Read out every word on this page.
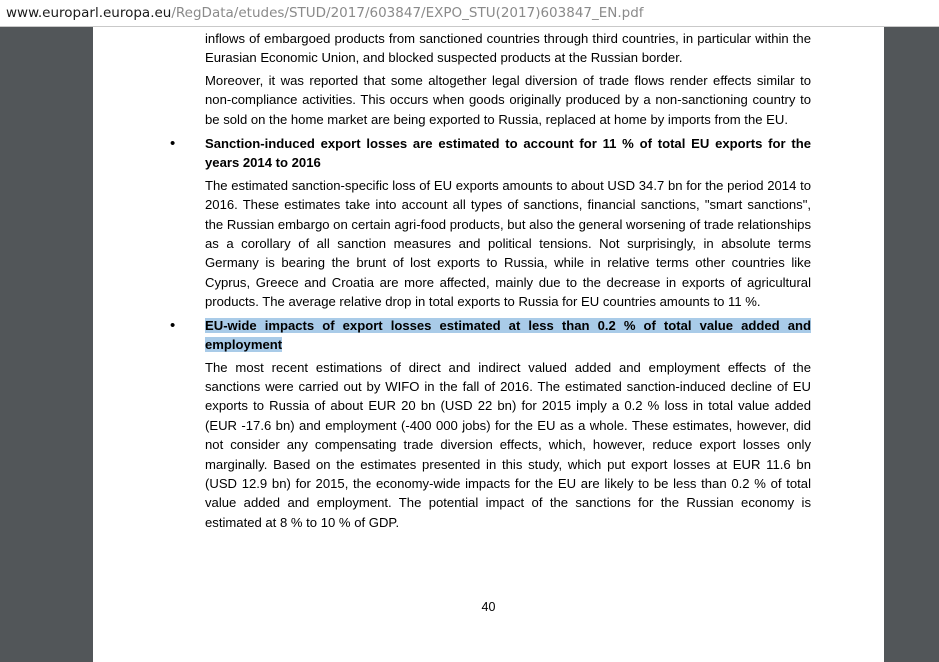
www.europarl.europa.eu/RegData/etudes/STUD/2017/603847/EXPO_STU(2017)603847_EN.pdf

inflows of embargoed products from sanctioned countries through third countries, in particular within the Eurasian Economic Union, and blocked suspected products at the Russian border.

Moreover, it was reported that some altogether legal diversion of trade flows render effects similar to non-compliance activities. This occurs when goods originally produced by a non-sanctioning country to be sold on the home market are being exported to Russia, replaced at home by imports from the EU.

•	Sanction-induced export losses are estimated to account for 11 % of total EU exports for the years 2014 to 2016

The estimated sanction-specific loss of EU exports amounts to about USD 34.7 bn for the period 2014 to 2016. These estimates take into account all types of sanctions, financial sanctions, "smart sanctions", the Russian embargo on certain agri-food products, but also the general worsening of trade relationships as a corollary of all sanction measures and political tensions. Not surprisingly, in absolute terms Germany is bearing the brunt of lost exports to Russia, while in relative terms other countries like Cyprus, Greece and Croatia are more affected, mainly due to the decrease in exports of agricultural products. The average relative drop in total exports to Russia for EU countries amounts to 11 %.

•	EU-wide impacts of export losses estimated at less than 0.2 % of total value added and employment

The most recent estimations of direct and indirect valued added and employment effects of the sanctions were carried out by WIFO in the fall of 2016. The estimated sanction-induced decline of EU exports to Russia of about EUR 20 bn (USD 22 bn) for 2015 imply a 0.2 % loss in total value added (EUR -17.6 bn) and employment (-400 000 jobs) for the EU as a whole. These estimates, however, did not consider any compensating trade diversion effects, which, however, reduce export losses only marginally. Based on the estimates presented in this study, which put export losses at EUR 11.6 bn (USD 12.9 bn) for 2015, the economy-wide impacts for the EU are likely to be less than 0.2 % of total value added and employment. The potential impact of the sanctions for the Russian economy is estimated at 8 % to 10 % of GDP.

40
